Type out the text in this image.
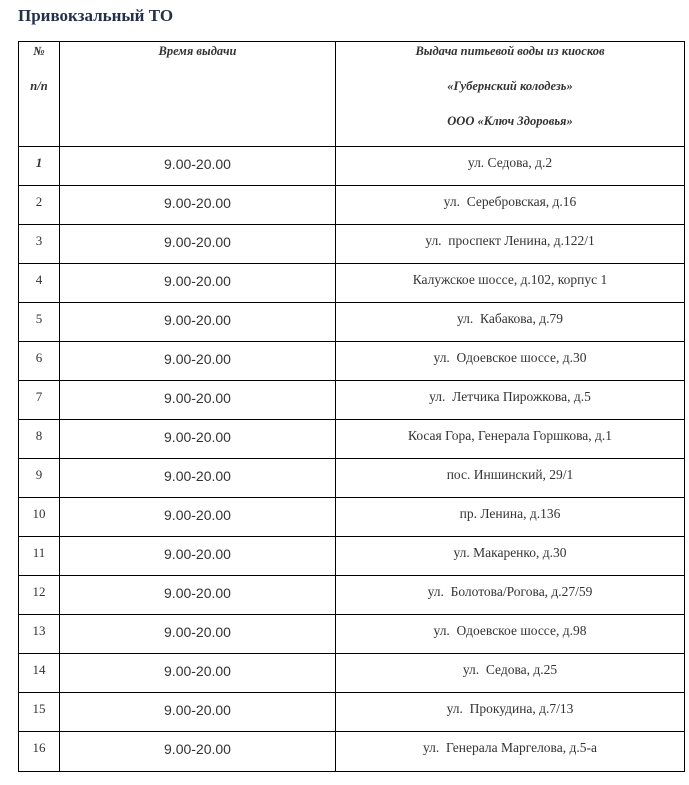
Привокзальный ТО
№
п/п	Время выдачи	Выдача питьевой воды из киосков
«Губернский колодезь»
ООО «Ключ Здоровья»

1	9.00-20.00	ул. Седова, д.2
2	9.00-20.00	ул.  Серебровская, д.16
3	9.00-20.00	ул.  проспект Ленина, д.122/1
4	9.00-20.00	Калужское шоссе, д.102, корпус 1
5	9.00-20.00	ул.  Кабакова, д.79
6	9.00-20.00	ул.  Одоевское шоссе, д.30
7	9.00-20.00	ул.  Летчика Пирожкова, д.5
8	9.00-20.00	Косая Гора, Генерала Горшкова, д.1
9	9.00-20.00	пос. Иншинский, 29/1
10	9.00-20.00	пр. Ленина, д.136
11	9.00-20.00	ул. Макаренко, д.30
12	9.00-20.00	ул.  Болотова/Рогова, д.27/59
13	9.00-20.00	ул.  Одоевское шоссе, д.98
14	9.00-20.00	ул.  Седова, д.25
15	9.00-20.00	ул.  Прокудина, д.7/13
16	9.00-20.00	ул.  Генерала Маргелова, д.5-а
